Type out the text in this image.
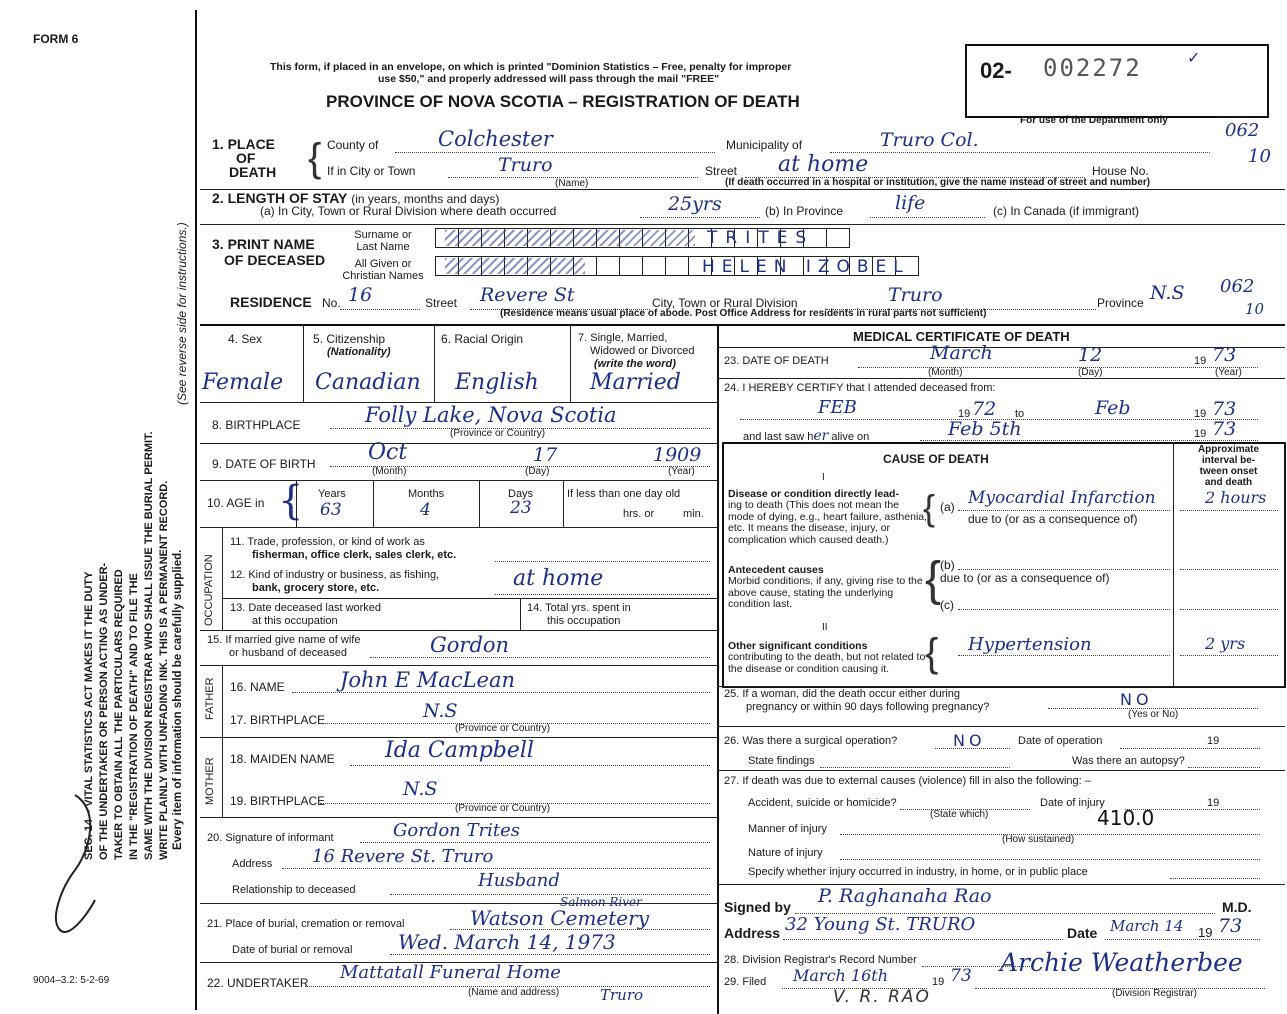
FORM 6
SEC. 14 – VITAL STATISTICS ACT MAKES IT THE DUTY OF THE UNDERTAKER OR PERSON ACTING AS UNDER- TAKER TO OBTAIN ALL THE PARTICULARS REQUIRED IN THE "REGISTRATION OF DEATH" AND TO FILE THE SAME WITH THE DIVISION REGISTRAR WHO SHALL ISSUE THE BURIAL PERMIT. WRITE PLAINLY WITH UNFADING INK. THIS IS A PERMANENT RECORD. Every item of information should be carefully supplied.
(See reverse side for instructions.)
9004–3.2: 5-2-69
This form, if placed in an envelope, on which is printed "Dominion Statistics – Free, penalty for improper
use $50," and properly addressed will pass through the mail "FREE"
PROVINCE OF NOVA SCOTIA – REGISTRATION OF DEATH
02- 002272	✓
For use of the Department only
1. PLACE
OF
DEATH { County of	Colchester	Municipality of	Truro Col.	062
If in City or Town	Truro
(Name)
Street at home	House No.
10
(If death occurred in a hospital or institution, give the name instead of street and number)
2. LENGTH OF STAY (in years, months and days)
(a) In City, Town or Rural Division where death occurred	25yrs	(b) In Province	life	(c) In Canada (if immigrant)
3. PRINT NAME
OF DECEASED
Surname or
Last Name
All Given or
Christian Names
TRITES
HELEN IZOBEL
RESIDENCE No. 16	Street Revere St	City, Town or Rural Division	Truro	Province N.S 062
10
(Residence means usual place of abode. Post Office Address for residents in rural parts not sufficient)
4. Sex
Female
5. Citizenship
(Nationality)
Canadian
6. Racial Origin
English
7. Single, Married,
Widowed or Divorced
(write the word)
Married
8. BIRTHPLACE	Folly Lake, Nova Scotia
(Province or Country)
9. DATE OF BIRTH Oct	17	1909
(Month)	(Day)	(Year)
10. AGE in { Years	Months	Days	If less than one day old
63	4	23	hrs. or	min.
OCCUPATION
11. Trade, profession, or kind of work as
fisherman, office clerk, sales clerk, etc.
12. Kind of industry or business, as fishing,
bank, grocery store, etc.	at home
13. Date deceased last worked
at this occupation
14. Total yrs. spent in
this occupation
15. If married give name of wife
or husband of deceased	Gordon
FATHER 16. NAME	John E MacLean
17. BIRTHPLACE	N.S
(Province or Country)
MOTHER 18. MAIDEN NAME Ida Campbell
19. BIRTHPLACE
N.S
(Province or Country)
20. Signature of informant	Gordon Trites
Address 16 Revere St. Truro
Relationship to deceased	Husband
21. Place of burial, cremation or removal
Salmon River
Watson Cemetery
Date of burial or removal Wed. March 14, 1973
22. UNDERTAKER Mattatall Funeral Home
(Name and address)	Truro
MEDICAL CERTIFICATE OF DEATH
23. DATE OF DEATH	March	12	19 73
(Month)	(Day)	(Year)
24. I HEREBY CERTIFY that I attended deceased from:
FEB	19 72 to	Feb	19 73
and last saw her alive on	Feb 5th	19 73
CAUSE OF DEATH
Approximate
interval be-
tween onset
and death
I
Disease or condition directly lead-
ing to death (This does not mean the mode of dying, e.g., heart failure, asthenia, etc. It means the disease, injury, or complication which caused death.)
{ (a) Myocardial Infarction	2 hours
due to (or as a consequence of)
Antecedent causes
Morbid conditions, if any, giving rise to the above cause, stating the underlying condition last.	{
(b)
due to (or as a consequence of)
(c)
II
Other significant conditions
contributing to the death, but not related to the disease or condition causing it. { Hypertension	2 yrs
25. If a woman, did the death occur either during
pregnancy or within 90 days following pregnancy?	NO
(Yes or No)
26. Was there a surgical operation?	NO	Date of operation	19
State findings	Was there an autopsy?
27. If death was due to external causes (violence) fill in also the following: –
Accident, suicide or homicide?
(State which)
Date of injury	19
Manner of injury	410.0
(How sustained)
Nature of injury
Specify whether injury occurred in industry, in home, or in public place
Signed by P. Raghanaha Rao	M.D.
Address 32 Young St. TRURO	Date March 14 19 73
28. Division Registrar's Record Number
29. Filed March 16th	19 73 Archie Weatherbee
(Division Registrar)
V. R. RAO
